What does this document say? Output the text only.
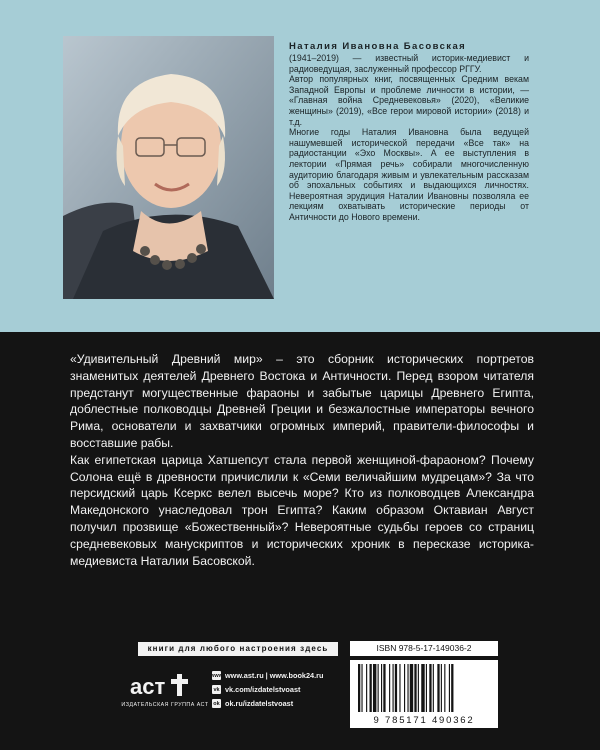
Наталия Ивановна Басовская

(1941–2019) — известный историк-медиевист и радиоведущая, заслуженный профессор РГГУ.

Автор популярных книг, посвященных Средним векам Западной Европы и проблеме личности в истории, — «Главная война Средневековья» (2020), «Великие женщины» (2019), «Все герои мировой истории» (2018) и т.д.

Многие годы Наталия Ивановна была ведущей нашумевшей исторической передачи «Все так» на радиостанции «Эхо Москвы». А ее выступления в лектории «Прямая речь» собирали многочисленную аудиторию благодаря живым и увлекательным рассказам об эпохальных событиях и выдающихся личностях. Невероятная эрудиция Наталии Ивановны позволяла ее лекциям охватывать исторические периоды от Античности до Нового времени.

«Удивительный Древний мир» – это сборник исторических портретов знаменитых деятелей Древнего Востока и Античности. Перед взором читателя предстанут могущественные фараоны и забытые царицы Древнего Египта, доблестные полководцы Древней Греции и безжалостные императоры вечного Рима, основатели и захватчики огромных империй, правители-философы и восставшие рабы.

Как египетская царица Хатшепсут стала первой женщиной-фараоном? Почему Солона ещё в древности причислили к «Семи величайшим мудрецам»? За что персидский царь Ксеркс велел высечь море? Кто из полководцев Александра Македонского унаследовал трон Египта? Каким образом Октавиан Август получил прозвище «Божественный»? Невероятные судьбы героев со страниц средневековых манускриптов и исторических хроник в пересказе историка-медиевиста Наталии Басовской.

книги для любого настроения здесь
аст
ИЗДАТЕЛЬСКАЯ ГРУППА АСТ
www www.ast.ru | www.book24.ru
vk vk.com/izdatelstvoast
ok ok.ru/izdatelstvoast
ISBN 978-5-17-149036-2
9 785171 490362
